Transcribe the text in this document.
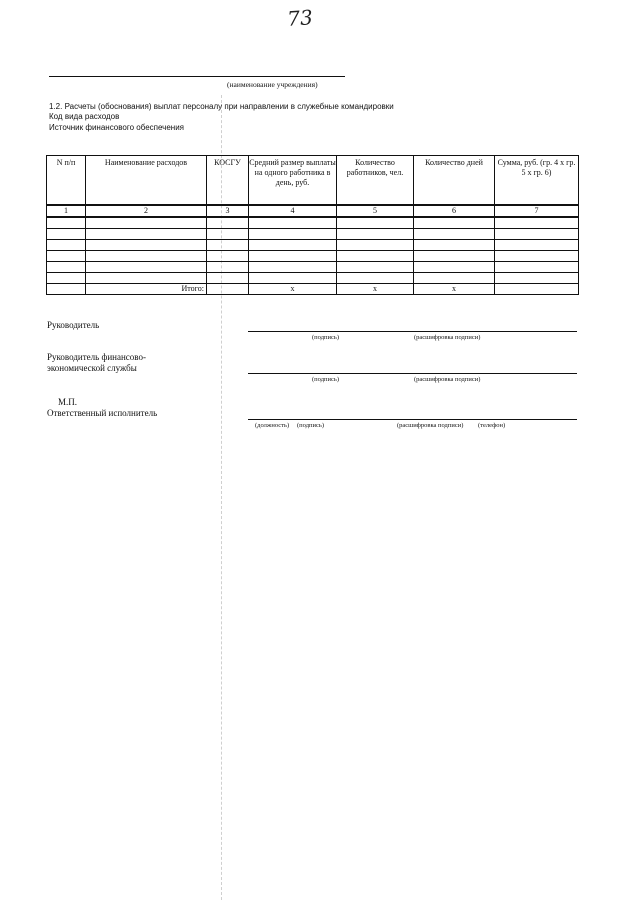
73
(наименование учреждения)
1.2. Расчеты (обоснования) выплат персоналу при направлении в служебные командировки
Код вида расходов
Источник финансового обеспечения
N п/п	Наименование расходов	КОСГУ	Средний размер выплаты на одного работника в день, руб.	Количество работников, чел.	Количество дней	Сумма, руб. (гр. 4 x гр. 5 x гр. 6)
1	2	3	4	5	6	7

	Итого:		x	x	x	
Руководитель
(подпись)	(расшифровка подписи)
Руководитель финансово-
экономической службы
(подпись)	(расшифровка подписи)
М.П.
Ответственный исполнитель
(должность) (подпись)	(расшифровка подписи) (телефон)
